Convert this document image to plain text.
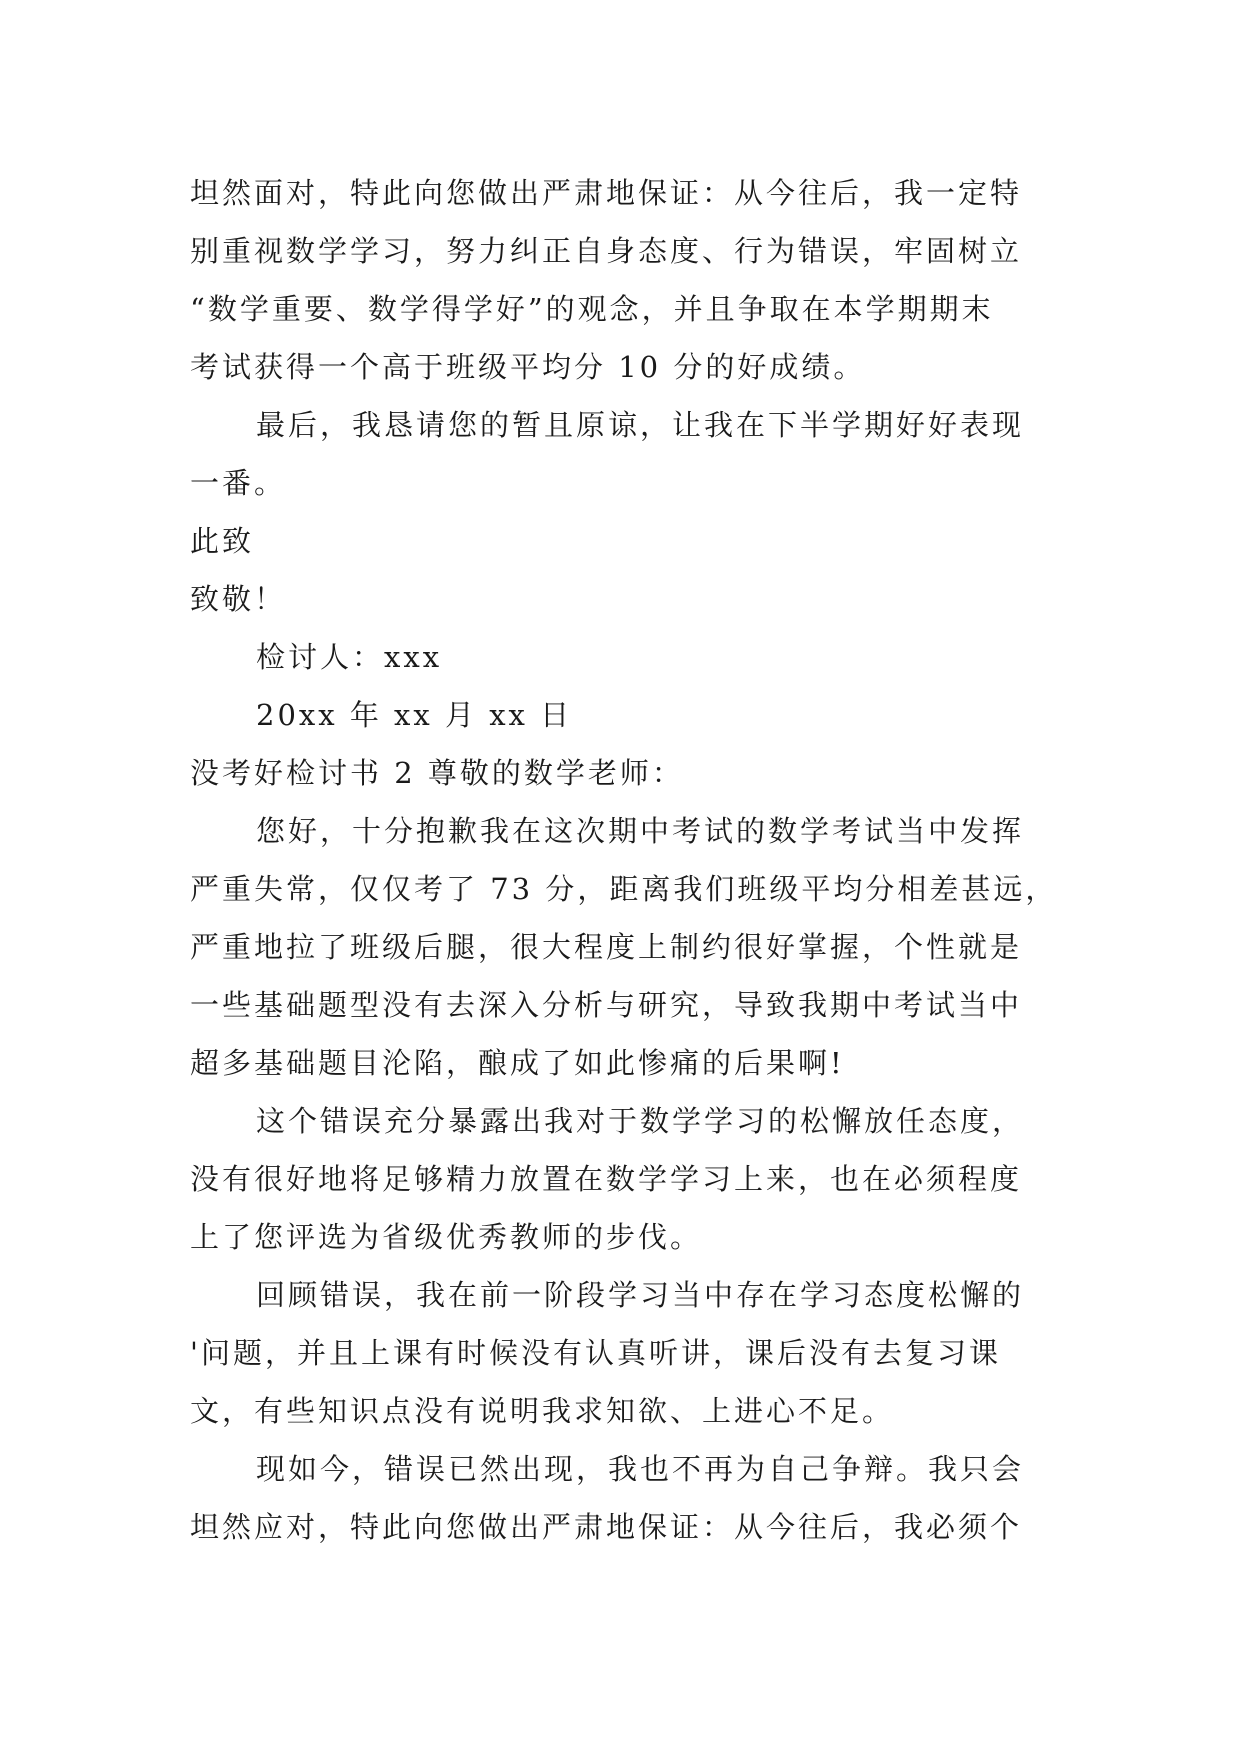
坦然面对，特此向您做出严肃地保证：从今往后，我一定特
别重视数学学习，努力纠正自身态度、行为错误，牢固树立
“数学重要、数学得学好”的观念，并且争取在本学期期末
考试获得一个高于班级平均分 10 分的好成绩。
最后，我恳请您的暂且原谅，让我在下半学期好好表现
一番。
此致
致敬！
检讨人：xxx
20xx 年 xx 月 xx 日
没考好检讨书 2 尊敬的数学老师：
您好，十分抱歉我在这次期中考试的数学考试当中发挥
严重失常，仅仅考了 73 分，距离我们班级平均分相差甚远，
严重地拉了班级后腿，很大程度上制约很好掌握，个性就是
一些基础题型没有去深入分析与研究，导致我期中考试当中
超多基础题目沦陷，酿成了如此惨痛的后果啊!
这个错误充分暴露出我对于数学学习的松懈放任态度，
没有很好地将足够精力放置在数学学习上来，也在必须程度
上了您评选为省级优秀教师的步伐。
回顾错误，我在前一阶段学习当中存在学习态度松懈的
'问题，并且上课有时候没有认真听讲，课后没有去复习课
文，有些知识点没有说明我求知欲、上进心不足。
现如今，错误已然出现，我也不再为自己争辩。我只会
坦然应对，特此向您做出严肃地保证：从今往后，我必须个
